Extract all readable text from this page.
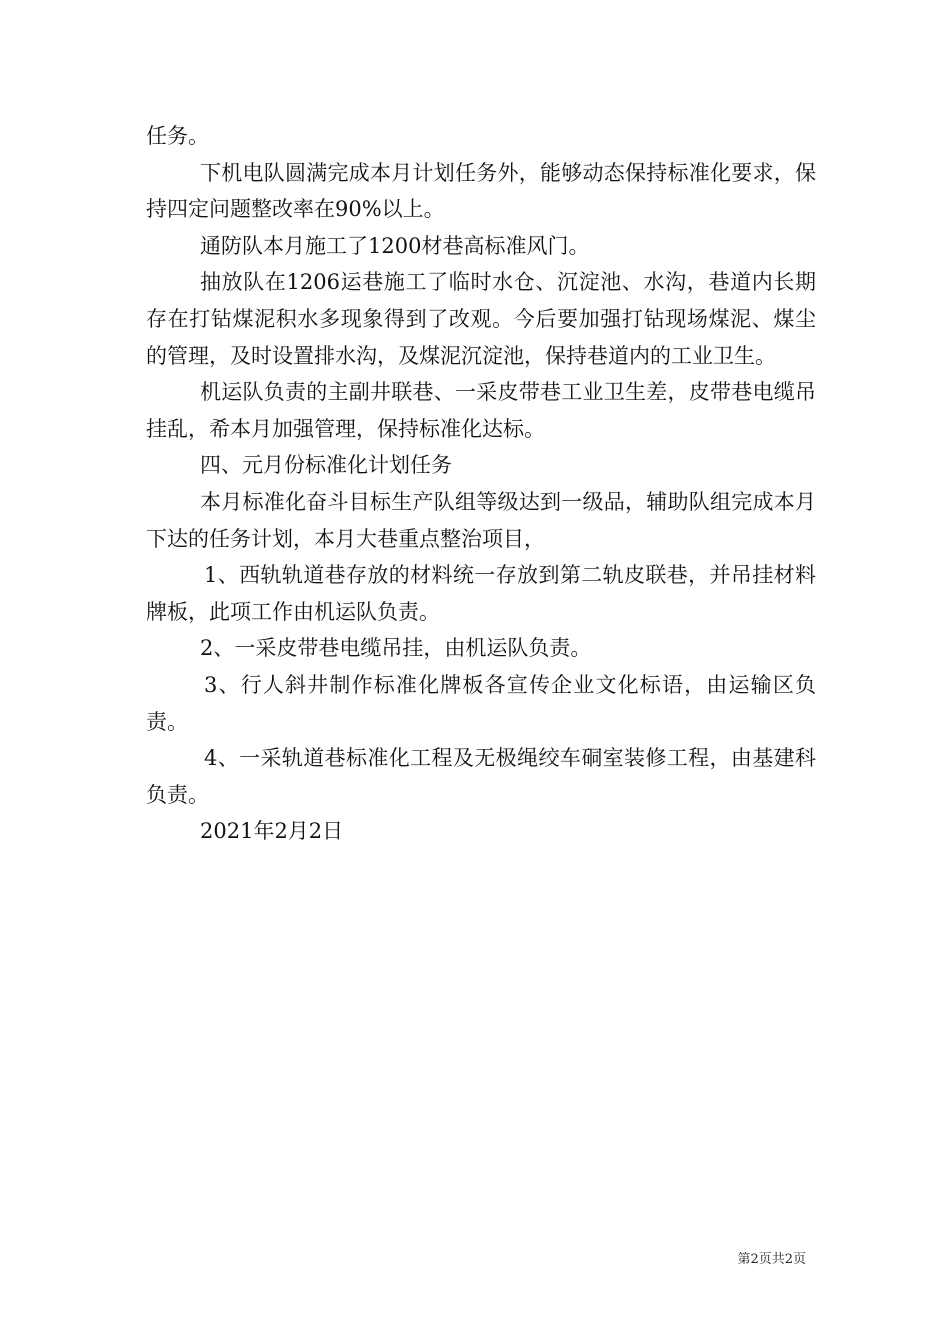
任务。

下机电队圆满完成本月计划任务外，能够动态保持标准化要求，保持四定问题整改率在90%以上。

通防队本月施工了1200材巷高标准风门。

抽放队在1206运巷施工了临时水仓、沉淀池、水沟，巷道内长期存在打钻煤泥积水多现象得到了改观。今后要加强打钻现场煤泥、煤尘的管理，及时设置排水沟，及煤泥沉淀池，保持巷道内的工业卫生。

机运队负责的主副井联巷、一采皮带巷工业卫生差，皮带巷电缆吊挂乱，希本月加强管理，保持标准化达标。

四、元月份标准化计划任务

本月标准化奋斗目标生产队组等级达到一级品，辅助队组完成本月下达的任务计划，本月大巷重点整治项目，

1、西轨轨道巷存放的材料统一存放到第二轨皮联巷，并吊挂材料牌板，此项工作由机运队负责。

2、一采皮带巷电缆吊挂，由机运队负责。

3、行人斜井制作标准化牌板各宣传企业文化标语，由运输区负责。

4、一采轨道巷标准化工程及无极绳绞车硐室装修工程，由基建科负责。

2021年2月2日

第2页共2页
